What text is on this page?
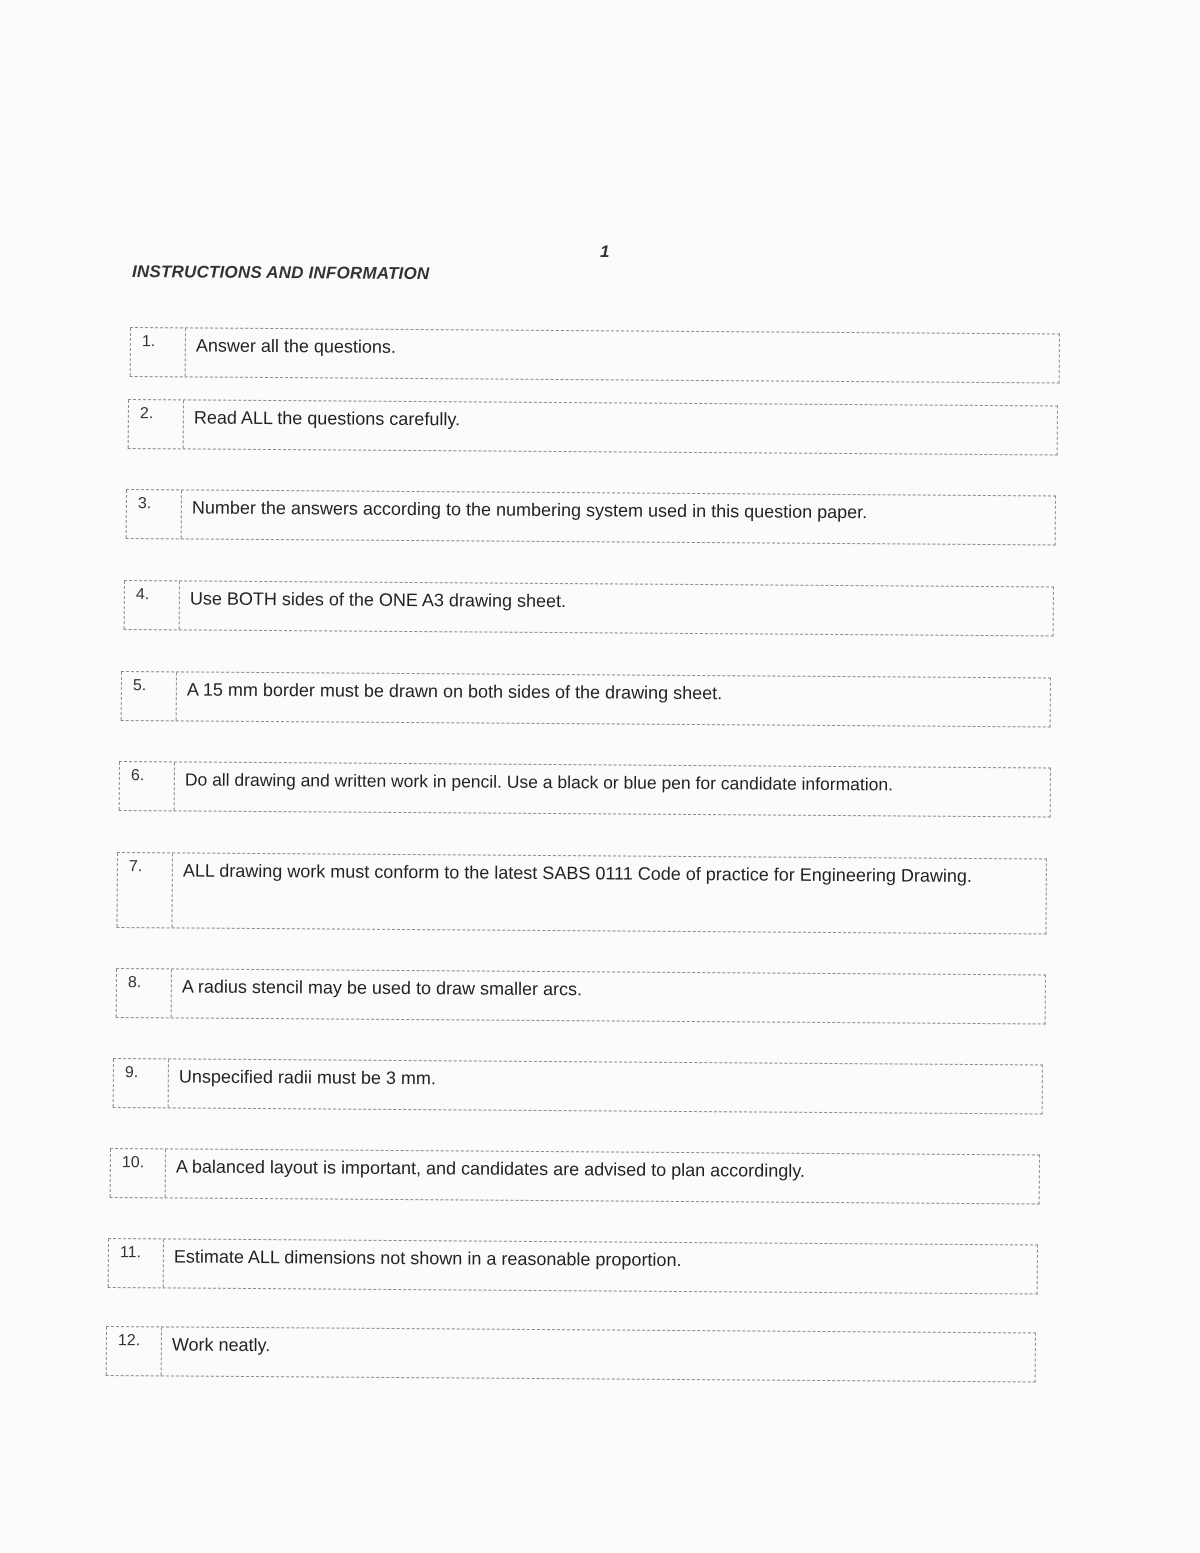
1
INSTRUCTIONS AND INFORMATION
1.	Answer all the questions.
2.	Read ALL the questions carefully.
3.	Number the answers according to the numbering system used in this question paper.
4.	Use BOTH sides of the ONE A3 drawing sheet.
5.	A 15 mm border must be drawn on both sides of the drawing sheet.
6.	Do all drawing and written work in pencil. Use a black or blue pen for candidate information.
7.	ALL drawing work must conform to the latest SABS 0111 Code of practice for Engineering Drawing.
8.	A radius stencil may be used to draw smaller arcs.
9.	Unspecified radii must be 3 mm.
10.	A balanced layout is important, and candidates are advised to plan accordingly.
11.	Estimate ALL dimensions not shown in a reasonable proportion.
12.	Work neatly.
